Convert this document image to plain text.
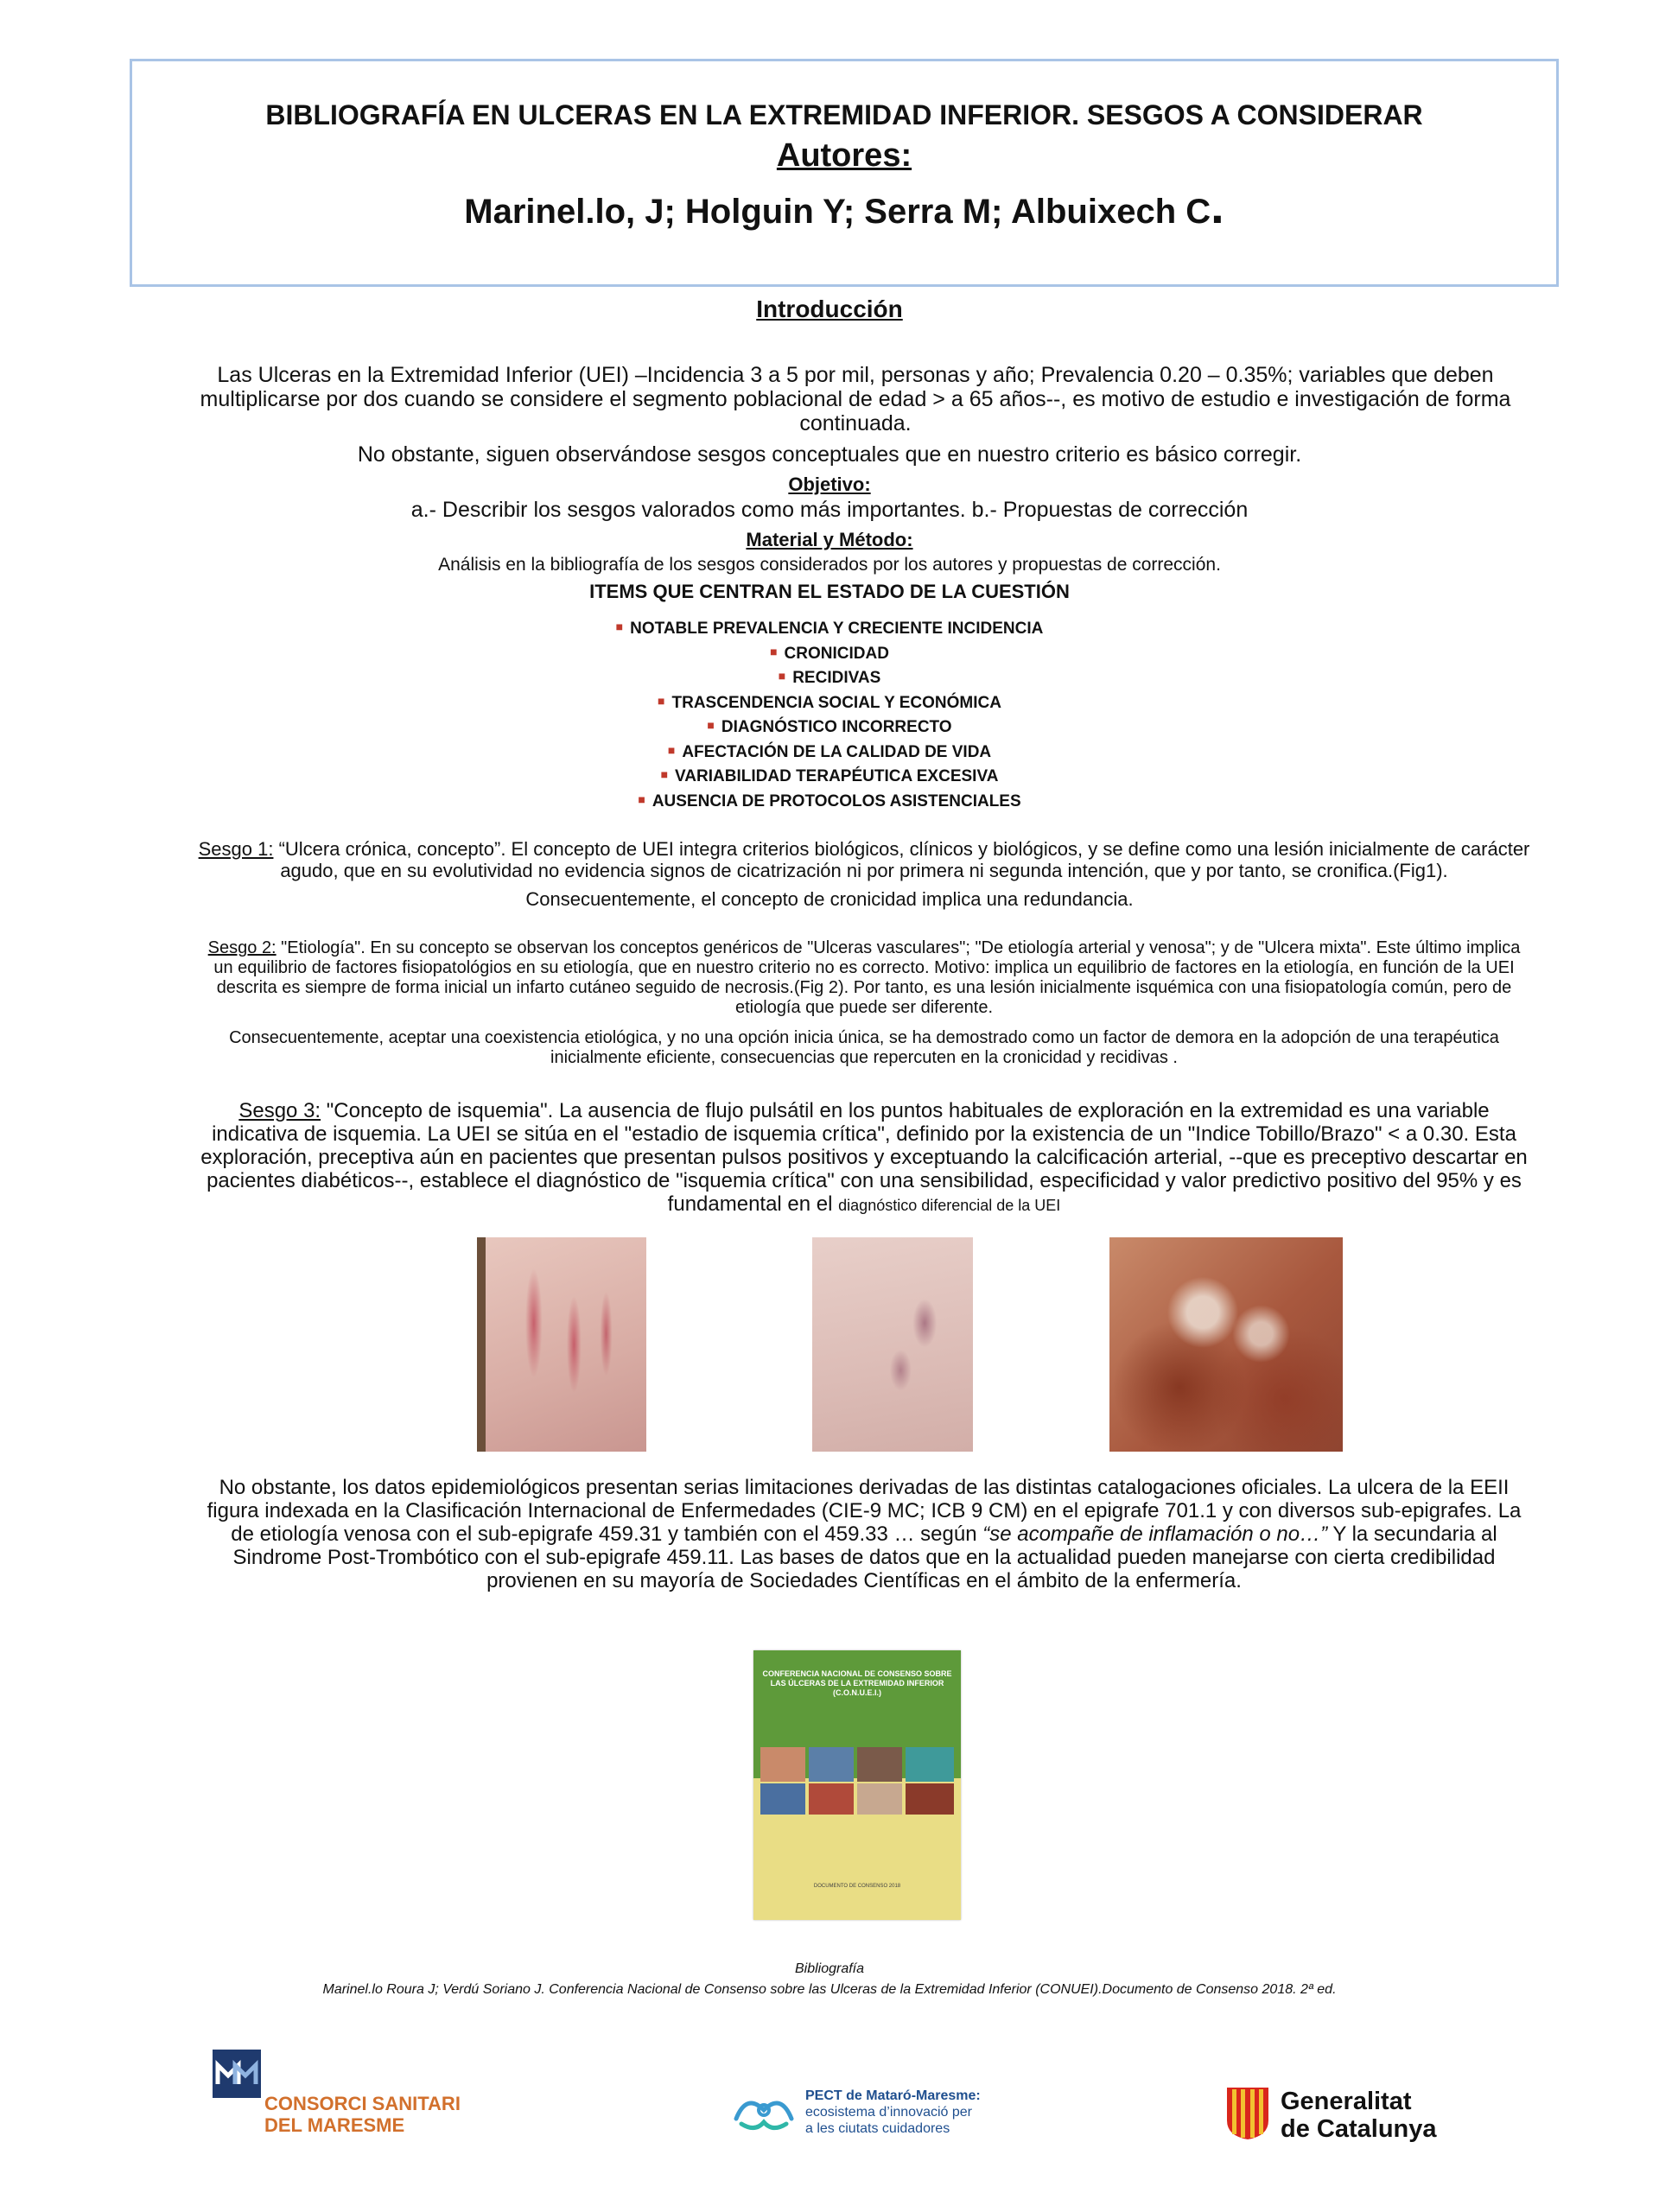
BIBLIOGRAFÍA EN ULCERAS EN LA EXTREMIDAD INFERIOR. SESGOS A CONSIDERAR
Autores:
Marinel.lo, J; Holguin Y; Serra M; Albuixech C.
Introducción
Las Ulceras en la Extremidad Inferior (UEI) –Incidencia 3 a 5 por mil, personas y año; Prevalencia 0.20 – 0.35%; variables que deben multiplicarse por dos cuando se considere el segmento poblacional de edad > a 65 años--, es motivo de estudio e investigación de forma continuada.
No obstante, siguen observándose sesgos conceptuales que en nuestro criterio es básico corregir.
Objetivo:
a.- Describir los sesgos valorados como más importantes. b.- Propuestas de corrección
Material y Método:
Análisis en la bibliografía de los sesgos considerados por los autores y propuestas de corrección.
ITEMS QUE CENTRAN EL ESTADO DE LA CUESTIÓN
■ NOTABLE PREVALENCIA Y CRECIENTE INCIDENCIA
■ CRONICIDAD
■ RECIDIVAS
■ TRASCENDENCIA SOCIAL Y ECONÓMICA
■ DIAGNÓSTICO INCORRECTO
■ AFECTACIÓN DE LA CALIDAD DE VIDA
■ VARIABILIDAD TERAPÉUTICA EXCESIVA
■ AUSENCIA DE PROTOCOLOS ASISTENCIALES
Sesgo 1: “Ulcera crónica, concepto”. El concepto de UEI integra criterios biológicos, clínicos y biológicos, y se define como una lesión inicialmente de carácter agudo, que en su evolutividad no evidencia signos de cicatrización ni por primera ni segunda intención, que y por tanto, se cronifica.(Fig1).
Consecuentemente, el concepto de cronicidad implica una redundancia.
Sesgo 2: "Etiología". En su concepto se observan los conceptos genéricos de "Ulceras vasculares"; "De etiología arterial y venosa"; y de "Ulcera mixta". Este último implica un equilibrio de factores fisiopatológios en su etiología, que en nuestro criterio no es correcto. Motivo: implica un equilibrio de factores en la etiología, en función de la UEI descrita es siempre de forma inicial un infarto cutáneo seguido de necrosis.(Fig 2). Por tanto, es una lesión inicialmente isquémica con una fisiopatología común, pero de etiología que puede ser diferente.
Consecuentemente, aceptar una coexistencia etiológica, y no una opción inicia única, se ha demostrado como un factor de demora en la adopción de una terapéutica inicialmente eficiente, consecuencias que repercuten en la cronicidad y recidivas .
Sesgo 3: "Concepto de isquemia". La ausencia de flujo pulsátil en los puntos habituales de exploración en la extremidad es una variable indicativa de isquemia. La UEI se sitúa en el "estadio de isquemia crítica", definido por la existencia de un "Indice Tobillo/Brazo" < a 0.30. Esta exploración, preceptiva aún en pacientes que presentan pulsos positivos y exceptuando la calcificación arterial, --que es preceptivo descartar en pacientes diabéticos--, establece el diagnóstico de "isquemia crítica" con una sensibilidad, especificidad y valor predictivo positivo del 95% y es fundamental en el diagnóstico diferencial de la UEI
No obstante, los datos epidemiológicos presentan serias limitaciones derivadas de las distintas catalogaciones oficiales. La ulcera de la EEII figura indexada en la Clasificación Internacional de Enfermedades (CIE-9 MC; ICB 9 CM) en el epigrafe 701.1 y con diversos sub-epigrafes. La de etiología venosa con el sub-epigrafe 459.31 y también con el 459.33 … según “se acompañe de inflamación o no…” Y la secundaria al Sindrome Post-Trombótico con el sub-epigrafe 459.11. Las bases de datos que en la actualidad pueden manejarse con cierta credibilidad provienen en su mayoría de Sociedades Científicas en el ámbito de la enfermería.
CONFERENCIA NACIONAL DE CONSENSO SOBRE LAS ÚLCERAS DE LA EXTREMIDAD INFERIOR (C.O.N.U.E.I.)
DOCUMENTO DE CONSENSO 2018
Bibliografía
Marinel.lo Roura J; Verdú Soriano J. Conferencia Nacional de Consenso sobre las Ulceras de la Extremidad Inferior (CONUEI).Documento de Consenso 2018. 2ª ed.
CONSORCI SANITARI
DEL MARESME
PECT de Mataró-Maresme:
ecosistema d’innovació per
a les ciutats cuidadores
Generalitat
de Catalunya
